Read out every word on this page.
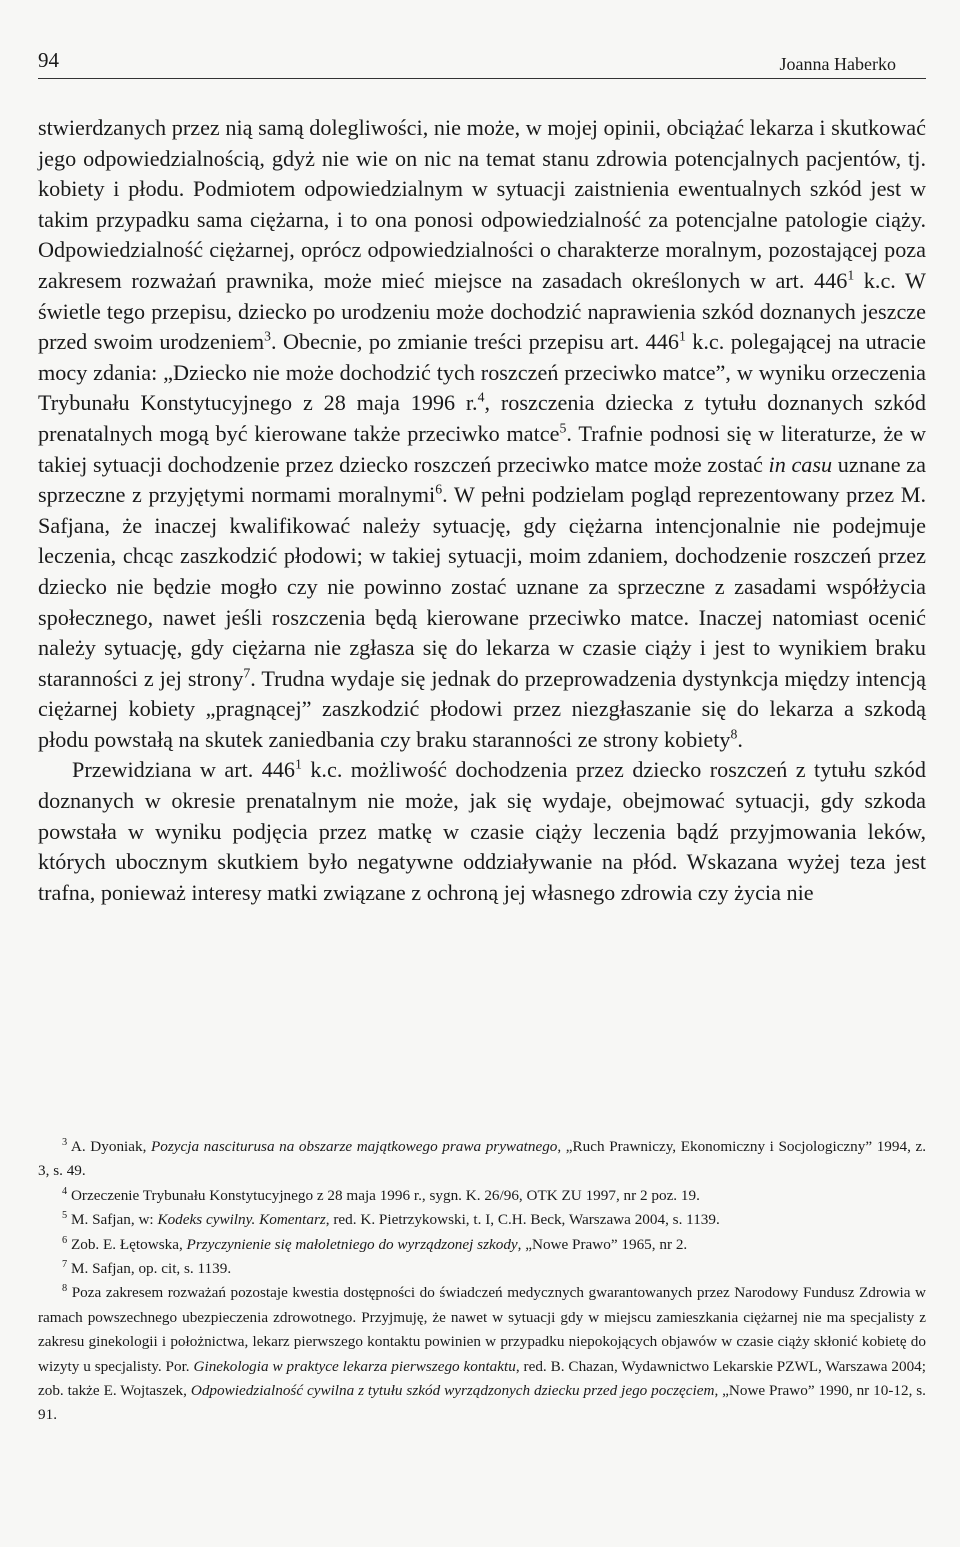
94	Joanna Haberko

stwierdzanych przez nią samą dolegliwości, nie może, w mojej opinii, obciążać lekarza i skutkować jego odpowiedzialnością, gdyż nie wie on nic na temat stanu zdrowia potencjalnych pacjentów, tj. kobiety i płodu. Podmiotem odpowiedzialnym w sytuacji zaistnienia ewentualnych szkód jest w takim przypadku sama ciężarna, i to ona ponosi odpowiedzialność za potencjalne patologie ciąży. Odpowiedzialność ciężarnej, oprócz odpowiedzialności o charakterze moralnym, pozostającej poza zakresem rozważań prawnika, może mieć miejsce na zasadach określonych w art. $446^1$ k.c. W świetle tego przepisu, dziecko po urodzeniu może dochodzić naprawienia szkód doznanych jeszcze przed swoim urodzeniem$^3$. Obecnie, po zmianie treści przepisu art. $446^1$ k.c. polegającej na utracie mocy zdania: „Dziecko nie może dochodzić tych roszczeń przeciwko matce”, w wyniku orzeczenia Trybunału Konstytucyjnego z 28 maja 1996 r.$^4$, roszczenia dziecka z tytułu doznanych szkód prenatalnych mogą być kierowane także przeciwko matce$^5$. Trafnie podnosi się w literaturze, że w takiej sytuacji dochodzenie przez dziecko roszczeń przeciwko matce może zostać in casu uznane za sprzeczne z przyjętymi normami moralnymi$^6$. W pełni podzielam pogląd reprezentowany przez M. Safjana, że inaczej kwalifikować należy sytuację, gdy ciężarna intencjonalnie nie podejmuje leczenia, chcąc zaszkodzić płodowi; w takiej sytuacji, moim zdaniem, dochodzenie roszczeń przez dziecko nie będzie mogło czy nie powinno zostać uznane za sprzeczne z zasadami współżycia społecznego, nawet jeśli roszczenia będą kierowane przeciwko matce. Inaczej natomiast ocenić należy sytuację, gdy ciężarna nie zgłasza się do lekarza w czasie ciąży i jest to wynikiem braku staranności z jej strony$^7$. Trudna wydaje się jednak do przeprowadzenia dystynkcja między intencją ciężarnej kobiety „pragnącej” zaszkodzić płodowi przez niezgłaszanie się do lekarza a szkodą płodu powstałą na skutek zaniedbania czy braku staranności ze strony kobiety$^8$.

Przewidziana w art. $446^1$ k.c. możliwość dochodzenia przez dziecko roszczeń z tytułu szkód doznanych w okresie prenatalnym nie może, jak się wydaje, obejmować sytuacji, gdy szkoda powstała w wyniku podjęcia przez matkę w czasie ciąży leczenia bądź przyjmowania leków, których ubocznym skutkiem było negatywne oddziaływanie na płód. Wskazana wyżej teza jest trafna, ponieważ interesy matki związane z ochroną jej własnego zdrowia czy życia nie

$^3$ A. Dyoniak, Pozycja nasciturusa na obszarze majątkowego prawa prywatnego, „Ruch Prawniczy, Ekonomiczny i Socjologiczny” 1994, z. 3, s. 49.

$^4$ Orzeczenie Trybunału Konstytucyjnego z 28 maja 1996 r., sygn. K. 26/96, OTK ZU 1997, nr 2 poz. 19.

$^5$ M. Safjan, w: Kodeks cywilny. Komentarz, red. K. Pietrzykowski, t. I, C.H. Beck, Warszawa 2004, s. 1139.

$^6$ Zob. E. Łętowska, Przyczynienie się małoletniego do wyrządzonej szkody, „Nowe Prawo” 1965, nr 2.

$^7$ M. Safjan, op. cit, s. 1139.

$^8$ Poza zakresem rozważań pozostaje kwestia dostępności do świadczeń medycznych gwarantowanych przez Narodowy Fundusz Zdrowia w ramach powszechnego ubezpieczenia zdrowotnego. Przyjmuję, że nawet w sytuacji gdy w miejscu zamieszkania ciężarnej nie ma specjalisty z zakresu ginekologii i położnictwa, lekarz pierwszego kontaktu powinien w przypadku niepokojących objawów w czasie ciąży skłonić kobietę do wizyty u specjalisty. Por. Ginekologia w praktyce lekarza pierwszego kontaktu, red. B. Chazan, Wydawnictwo Lekarskie PZWL, Warszawa 2004; zob. także E. Wojtaszek, Odpowiedzialność cywilna z tytułu szkód wyrządzonych dziecku przed jego poczęciem, „Nowe Prawo” 1990, nr 10-12, s. 91.
